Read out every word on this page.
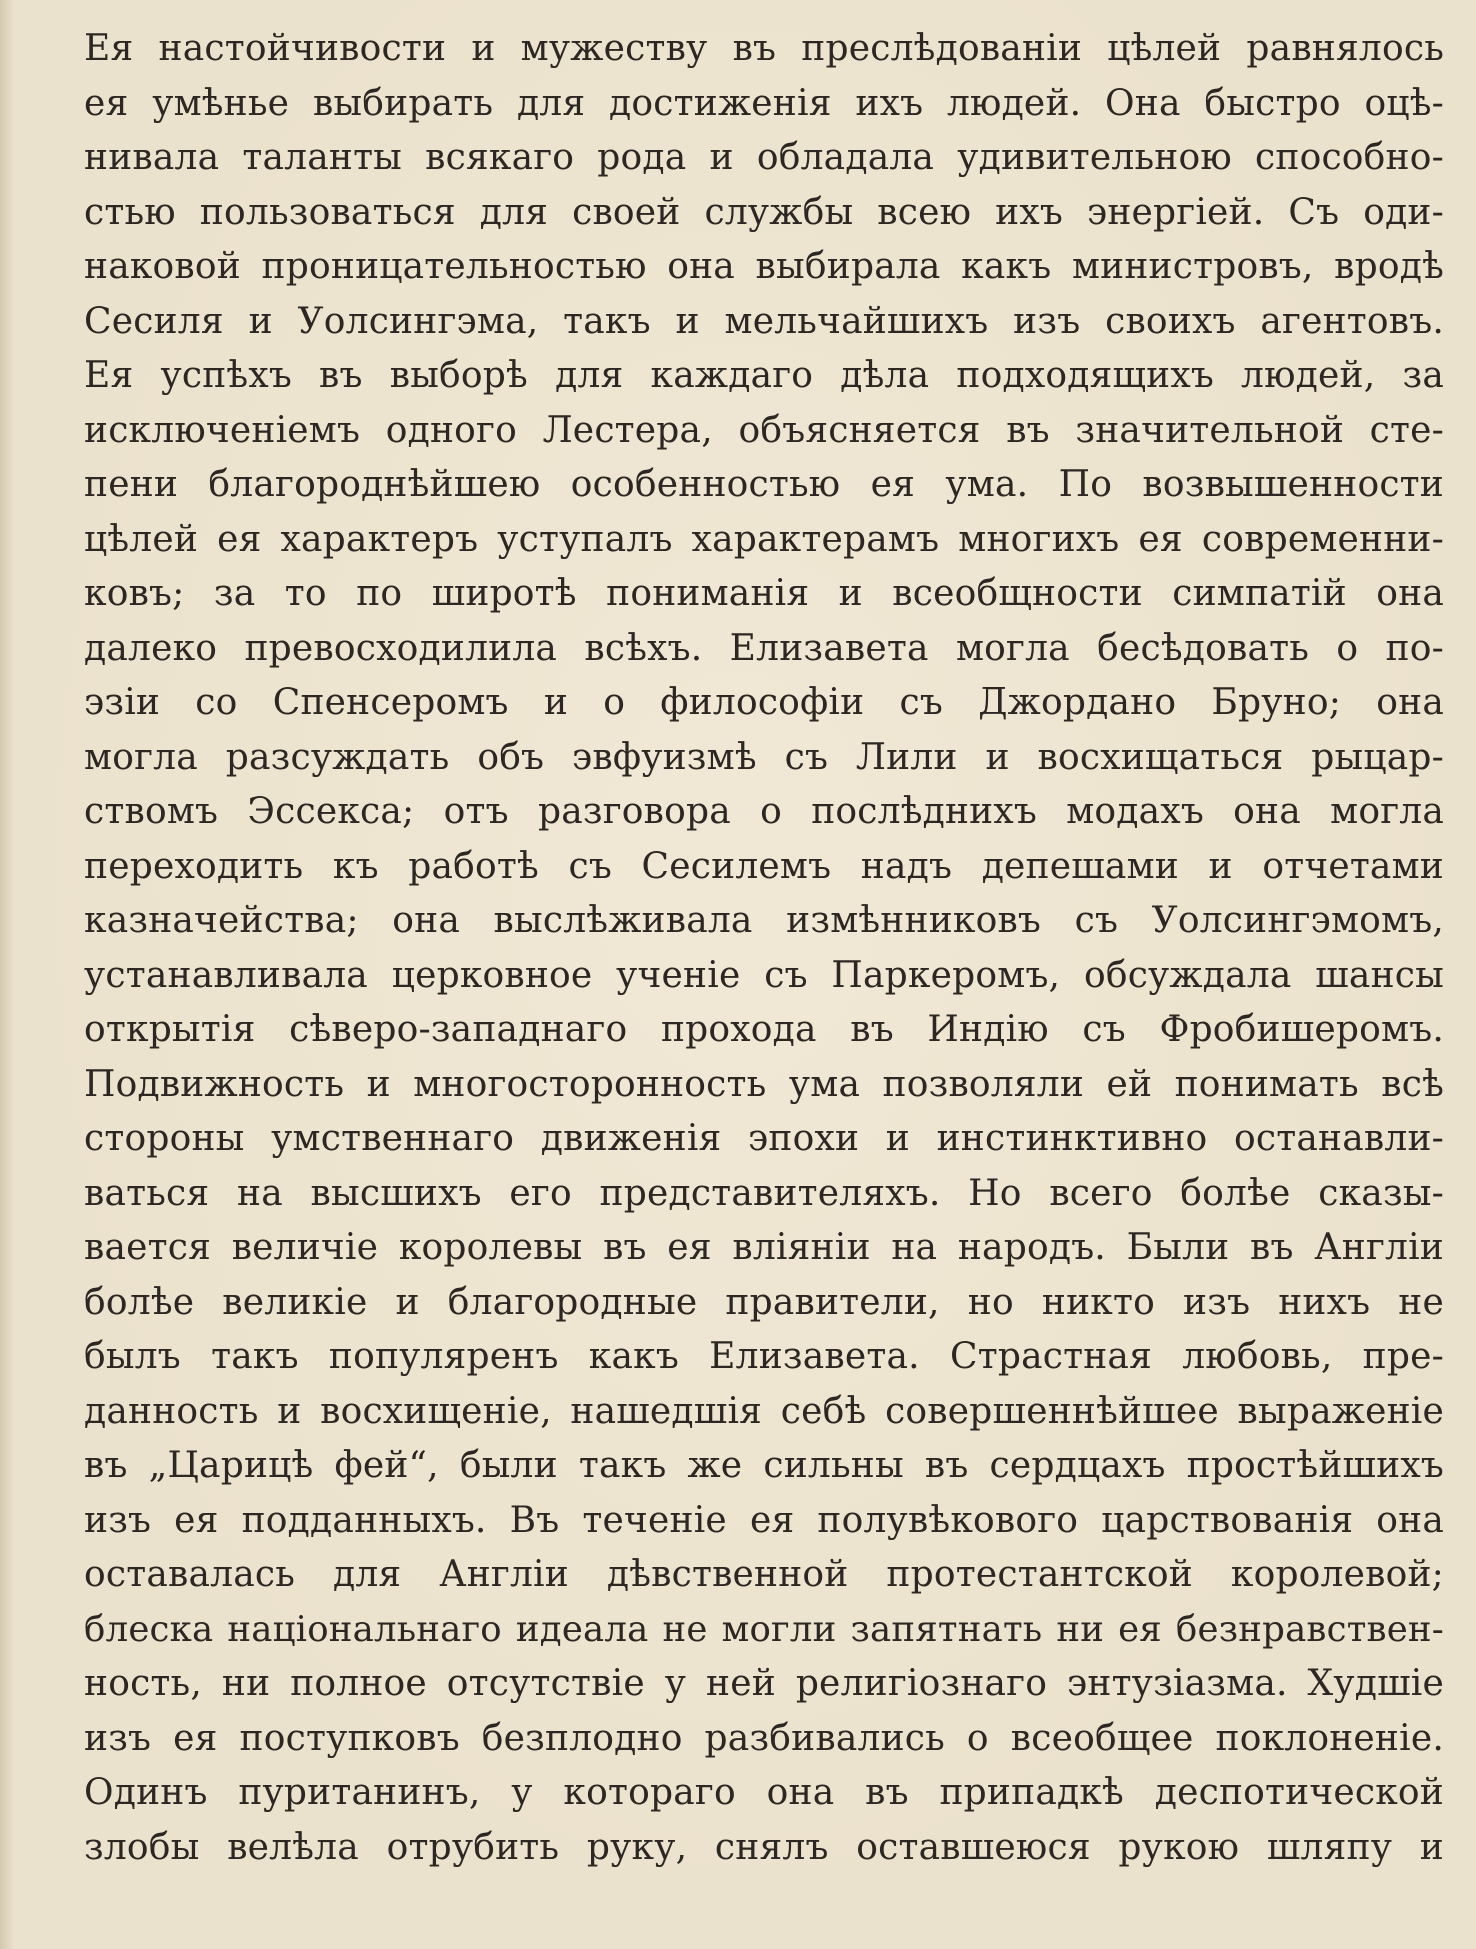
Ея настойчивости и мужеству въ преслѣдованіи цѣлей равнялось
ея умѣнье выбирать для достиженія ихъ людей. Она быстро оцѣ-
нивала таланты всякаго рода и обладала удивительною способно-
стью пользоваться для своей службы всею ихъ энергіей. Съ оди-
наковой проницательностью она выбирала какъ министровъ, вродѣ
Сесиля и Уолсингэма, такъ и мельчайшихъ изъ своихъ агентовъ.
Ея успѣхъ въ выборѣ для каждаго дѣла подходящихъ людей, за
исключеніемъ одного Лестера, объясняется въ значительной сте-
пени благороднѣйшею особенностью ея ума. По возвышенности
цѣлей ея характеръ уступалъ характерамъ многихъ ея современни-
ковъ; за то по широтѣ пониманія и всеобщности симпатій она
далеко превосходилила всѣхъ. Елизавета могла бесѣдовать о по-
эзіи со Спенсеромъ и о философіи съ Джордано Бруно; она
могла разсуждать объ эвфуизмѣ съ Лили и восхищаться рыцар-
ствомъ Эссекса; отъ разговора о послѣднихъ модахъ она могла
переходить къ работѣ съ Сесилемъ надъ депешами и отчетами
казначейства; она выслѣживала измѣнниковъ съ Уолсингэмомъ,
устанавливала церковное ученіе съ Паркеромъ, обсуждала шансы
открытія сѣверо-западнаго прохода въ Индію съ Фробишеромъ.
Подвижность и многосторонность ума позволяли ей понимать всѣ
стороны умственнаго движенія эпохи и инстинктивно останавли-
ваться на высшихъ его представителяхъ. Но всего болѣе сказы-
вается величіе королевы въ ея вліяніи на народъ. Были въ Англіи
болѣе великіе и благородные правители, но никто изъ нихъ не
былъ такъ популяренъ какъ Елизавета. Страстная любовь, пре-
данность и восхищеніе, нашедшія себѣ совершеннѣйшее выраженіе
въ „Царицѣ фей“, были такъ же сильны въ сердцахъ простѣйшихъ
изъ ея подданныхъ. Въ теченіе ея полувѣкового царствованія она
оставалась для Англіи дѣвственной протестантской королевой;
блеска національнаго идеала не могли запятнать ни ея безнравствен-
ность, ни полное отсутствіе у ней религіознаго энтузіазма. Худшіе
изъ ея поступковъ безплодно разбивались о всеобщее поклоненіе.
Одинъ пуританинъ, у котораго она въ припадкѣ деспотической
злобы велѣла отрубить руку, снялъ оставшеюся рукою шляпу и
